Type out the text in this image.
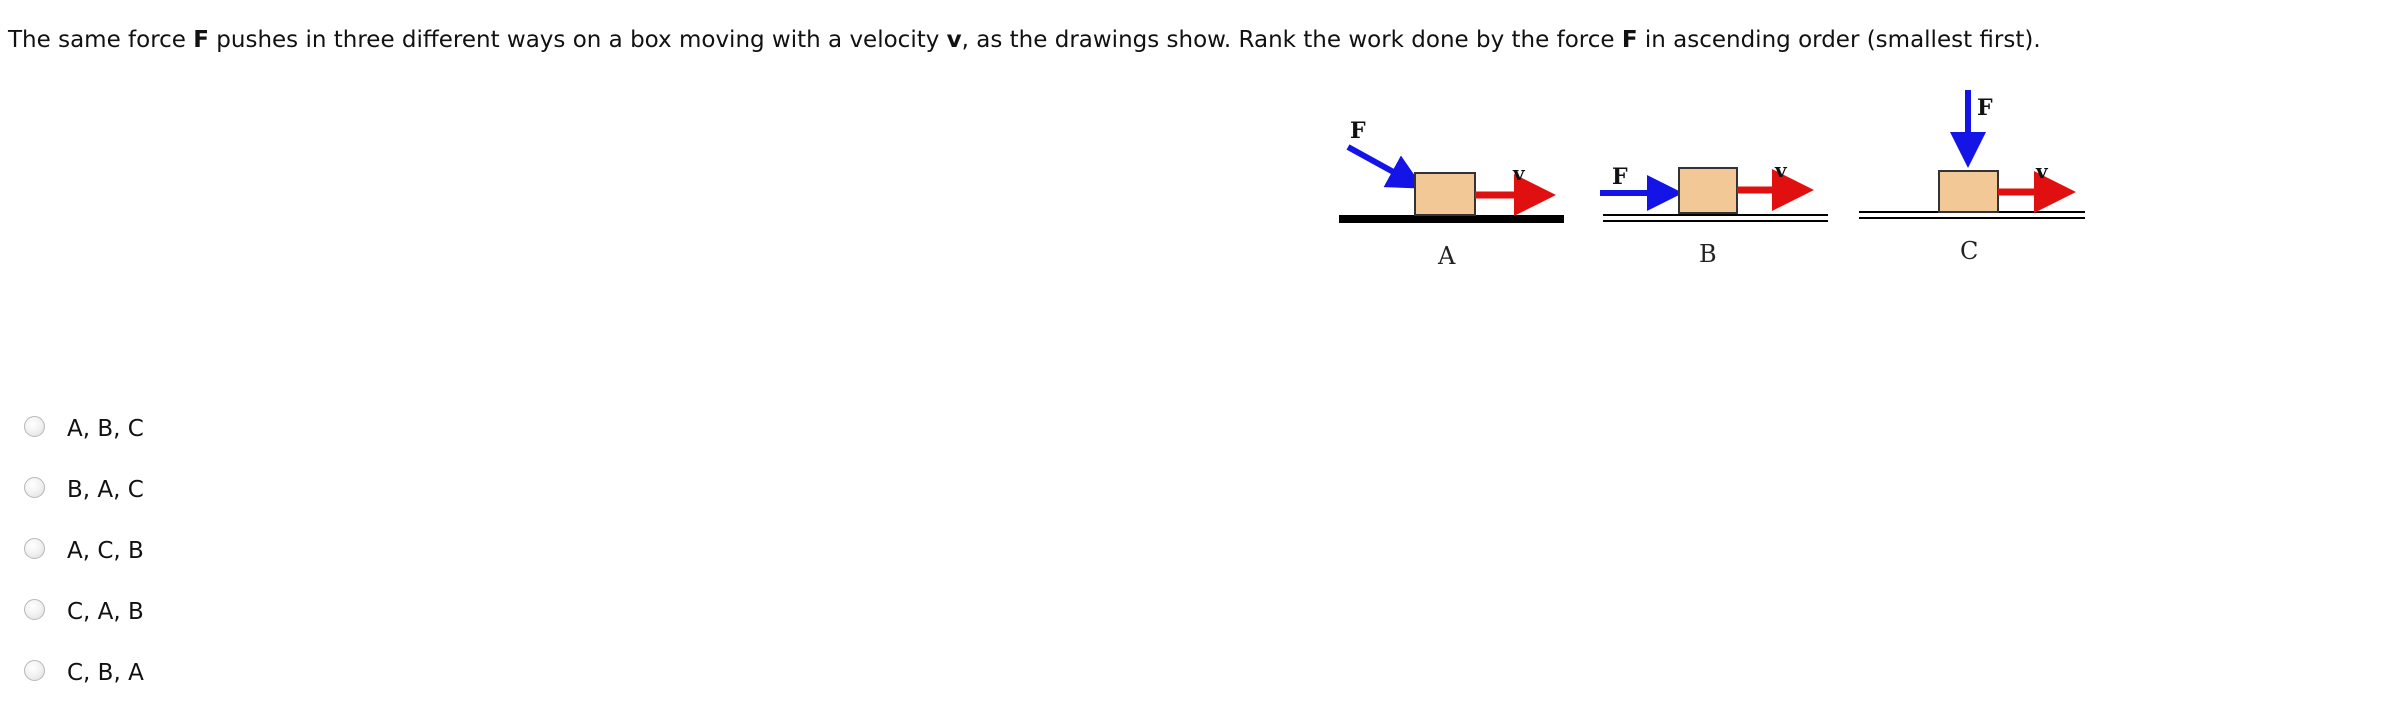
The same force F pushes in three different ways on a box moving with a velocity v, as the drawings show. Rank the work done by the force F in ascending order (smallest first).
F
v
A
F	v
B
F
v
C
A, B, C
B, A, C
A, C, B
C, A, B
C, B, A
